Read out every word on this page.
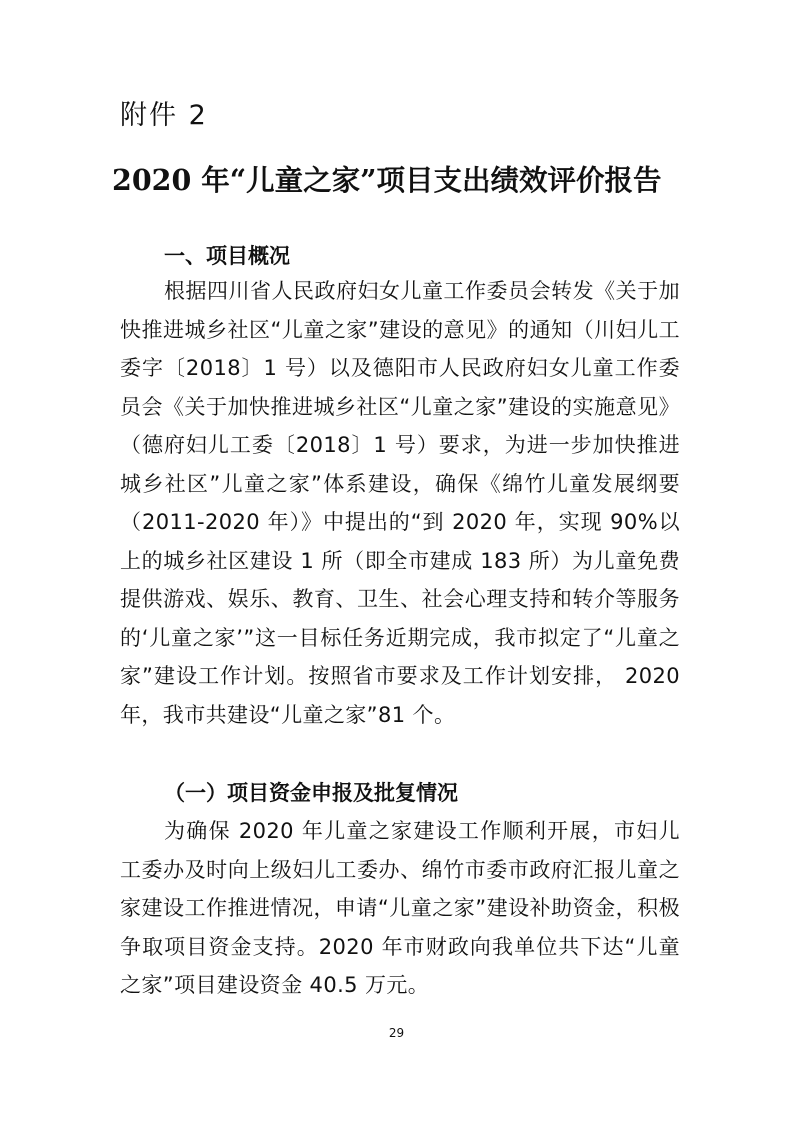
附件 2
2020 年“儿童之家”项目支出绩效评价报告
一、项目概况
根据四川省人民政府妇女儿童工作委员会转发《关于加快推进城乡社区“儿童之家”建设的意见》的通知（川妇儿工委字〔2018〕1 号）以及德阳市人民政府妇女儿童工作委员会《关于加快推进城乡社区“儿童之家”建设的实施意见》（德府妇儿工委〔2018〕1 号）要求，为进一步加快推进城乡社区”儿童之家”体系建设，确保《绵竹儿童发展纲要（2011-2020 年）》中提出的“到 2020 年，实现 90%以上的城乡社区建设 1 所（即全市建成 183 所）为儿童免费提供游戏、娱乐、教育、卫生、社会心理支持和转介等服务的‘儿童之家’”这一目标任务近期完成，我市拟定了“儿童之家”建设工作计划。按照省市要求及工作计划安排， 2020 年，我市共建设“儿童之家”81 个。
（一）项目资金申报及批复情况
为确保 2020 年儿童之家建设工作顺利开展，市妇儿工委办及时向上级妇儿工委办、绵竹市委市政府汇报儿童之家建设工作推进情况，申请“儿童之家”建设补助资金，积极争取项目资金支持。2020 年市财政向我单位共下达“儿童之家”项目建设资金 40.5 万元。
29
